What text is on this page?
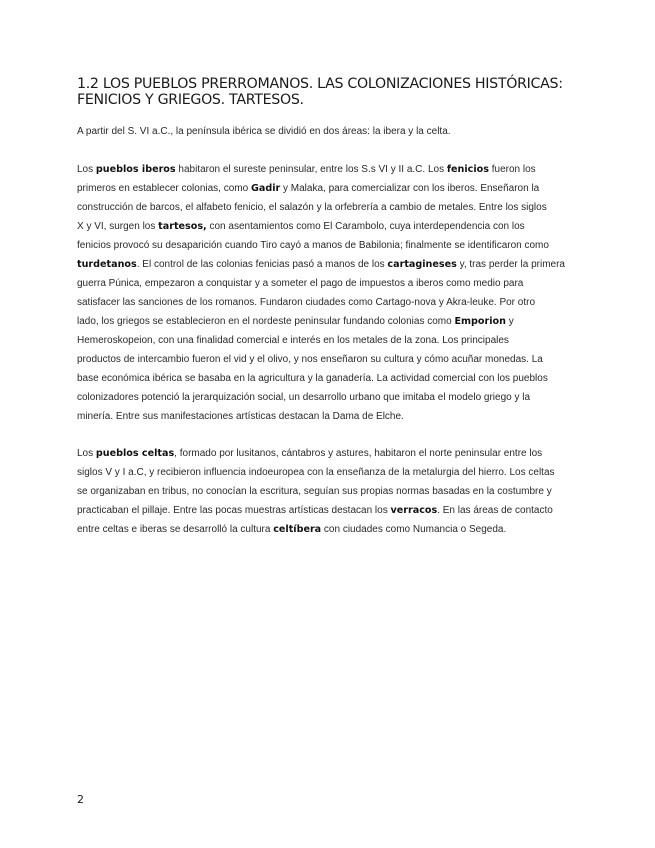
1.2 LOS PUEBLOS PRERROMANOS. LAS COLONIZACIONES HISTÓRICAS:
FENICIOS Y GRIEGOS. TARTESOS.

A partir del S. VI a.C., la península ibérica se dividió en dos áreas: la ibera y la celta.

Los pueblos iberos habitaron el sureste peninsular, entre los S.s VI y II a.C. Los fenicios fueron los
primeros en establecer colonias, como Gadir y Malaka, para comercializar con los iberos. Enseñaron la
construcción de barcos, el alfabeto fenicio, el salazón y la orfebrería a cambio de metales. Entre los siglos
X y VI, surgen los tartesos, con asentamientos como El Carambolo, cuya interdependencia con los
fenicios provocó su desaparición cuando Tiro cayó a manos de Babilonia; finalmente se identificaron como
turdetanos. El control de las colonias fenicias pasó a manos de los cartagineses y, tras perder la primera
guerra Púnica, empezaron a conquistar y a someter el pago de impuestos a iberos como medio para
satisfacer las sanciones de los romanos. Fundaron ciudades como Cartago-nova y Akra-leuke. Por otro
lado, los griegos se establecieron en el nordeste peninsular fundando colonias como Emporion y
Hemeroskopeion, con una finalidad comercial e interés en los metales de la zona. Los principales
productos de intercambio fueron el vid y el olivo, y nos enseñaron su cultura y cómo acuñar monedas. La
base económica ibérica se basaba en la agricultura y la ganadería. La actividad comercial con los pueblos
colonizadores potenció la jerarquización social, un desarrollo urbano que imitaba el modelo griego y la
minería. Entre sus manifestaciones artísticas destacan la Dama de Elche.

Los pueblos celtas, formado por lusitanos, cántabros y astures, habitaron el norte peninsular entre los
siglos V y I a.C, y recibieron influencia indoeuropea con la enseñanza de la metalurgia del hierro. Los celtas
se organizaban en tribus, no conocían la escritura, seguían sus propias normas basadas en la costumbre y
practicaban el pillaje. Entre las pocas muestras artísticas destacan los verracos. En las áreas de contacto
entre celtas e iberas se desarrolló la cultura celtíbera con ciudades como Numancia o Segeda.

2
